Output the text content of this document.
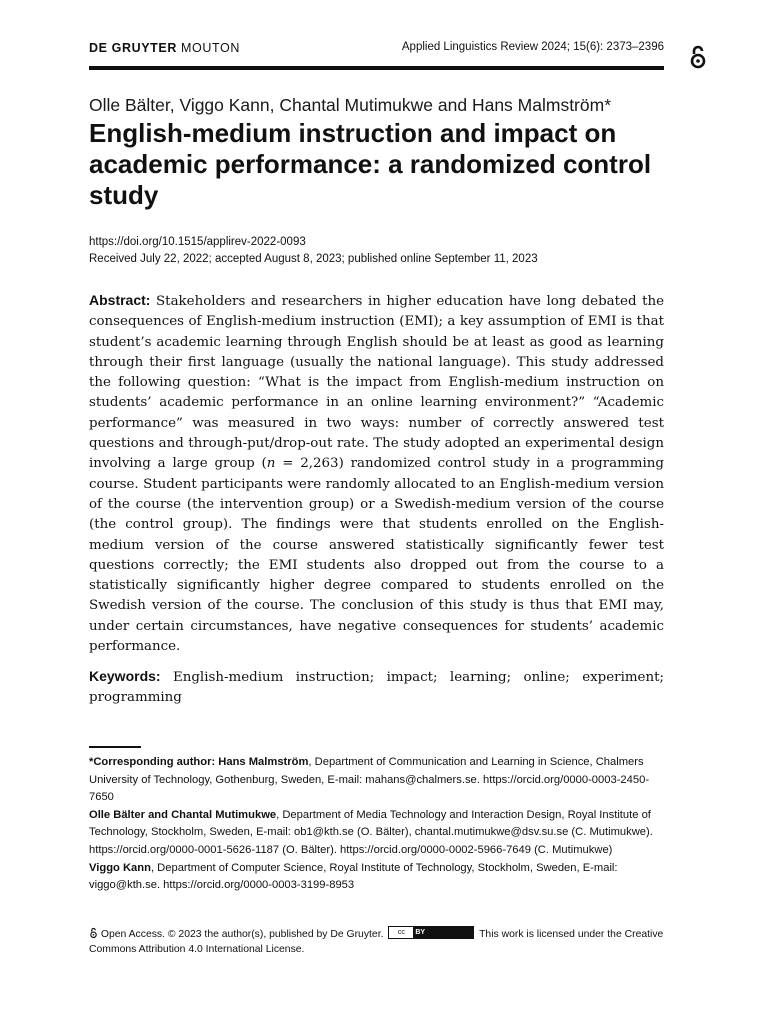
DE GRUYTER MOUTON	Applied Linguistics Review 2024; 15(6): 2373–2396
Olle Bälter, Viggo Kann, Chantal Mutimukwe and Hans Malmström*
English-medium instruction and impact on academic performance: a randomized control study
https://doi.org/10.1515/applirev-2022-0093
Received July 22, 2022; accepted August 8, 2023; published online September 11, 2023

Abstract: Stakeholders and researchers in higher education have long debated the consequences of English-medium instruction (EMI); a key assumption of EMI is that student’s academic learning through English should be at least as good as learning through their first language (usually the national language). This study addressed the following question: “What is the impact from English-medium instruction on students’ academic performance in an online learning environment?” “Academic performance” was measured in two ways: number of correctly answered test questions and through-put/drop-out rate. The study adopted an experimental design involving a large group (n = 2,263) randomized control study in a programming course. Student participants were randomly allocated to an English-medium version of the course (the intervention group) or a Swedish-medium version of the course (the control group). The findings were that students enrolled on the English-medium version of the course answered statistically significantly fewer test questions correctly; the EMI students also dropped out from the course to a statistically significantly higher degree compared to students enrolled on the Swedish version of the course. The conclusion of this study is thus that EMI may, under certain circumstances, have negative consequences for students’ academic performance.

Keywords: English-medium instruction; impact; learning; online; experiment; programming

*Corresponding author: Hans Malmström, Department of Communication and Learning in Science, Chalmers University of Technology, Gothenburg, Sweden, E-mail: mahans@chalmers.se. https://orcid.org/0000-0003-2450-7650

Olle Bälter and Chantal Mutimukwe, Department of Media Technology and Interaction Design, Royal Institute of Technology, Stockholm, Sweden, E-mail: ob1@kth.se (O. Bälter), chantal.mutimukwe@dsv.su.se (C. Mutimukwe). https://orcid.org/0000-0001-5626-1187 (O. Bälter). https://orcid.org/0000-0002-5966-7649 (C. Mutimukwe)

Viggo Kann, Department of Computer Science, Royal Institute of Technology, Stockholm, Sweden, E-mail: viggo@kth.se. https://orcid.org/0000-0003-3199-8953

Open Access. © 2023 the author(s), published by De Gruyter.	cc	BY	This work is licensed under the Creative Commons Attribution 4.0 International License.
